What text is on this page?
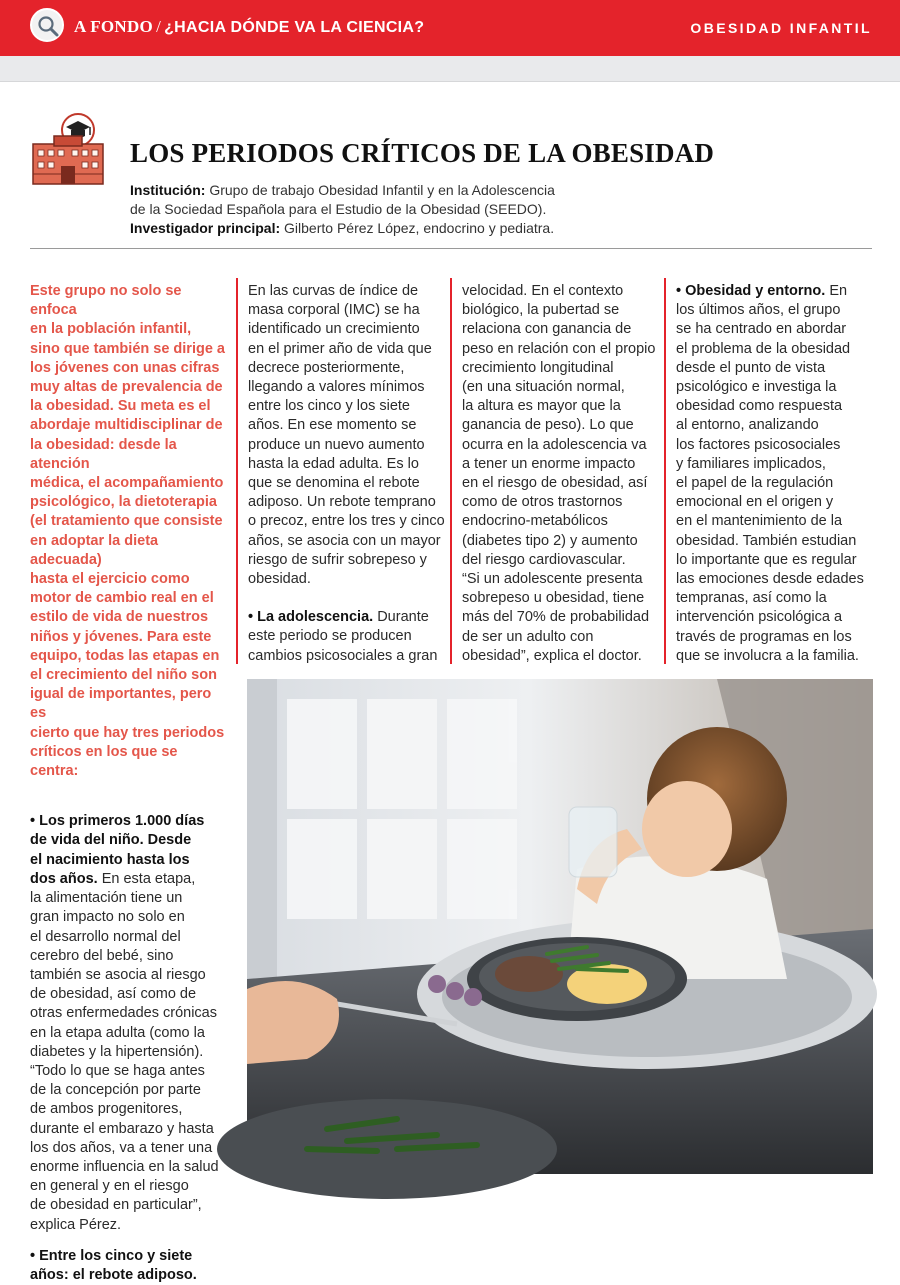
A FONDO / ¿HACIA DÓNDE VA LA CIENCIA?	OBESIDAD INFANTIL
LOS PERIODOS CRÍTICOS DE LA OBESIDAD
Institución: Grupo de trabajo Obesidad Infantil y en la Adolescencia
de la Sociedad Española para el Estudio de la Obesidad (SEEDO).
Investigador principal: Gilberto Pérez López, endocrino y pediatra.
Este grupo no solo se enfoca
en la población infantil,
sino que también se dirige a
los jóvenes con unas cifras
muy altas de prevalencia de
la obesidad. Su meta es el
abordaje multidisciplinar de
la obesidad: desde la atención
médica, el acompañamiento
psicológico, la dietoterapia
(el tratamiento que consiste
en adoptar la dieta adecuada)
hasta el ejercicio como
motor de cambio real en el
estilo de vida de nuestros
niños y jóvenes. Para este
equipo, todas las etapas en
el crecimiento del niño son
igual de importantes, pero es
cierto que hay tres periodos
críticos en los que se centra:
• Los primeros 1.000 días
de vida del niño. Desde
el nacimiento hasta los
dos años. En esta etapa,
la alimentación tiene un
gran impacto no solo en
el desarrollo normal del
cerebro del bebé, sino
también se asocia al riesgo
de obesidad, así como de
otras enfermedades crónicas
en la etapa adulta (como la
diabetes y la hipertensión).
“Todo lo que se haga antes
de la concepción por parte
de ambos progenitores,
durante el embarazo y hasta
los dos años, va a tener una
enorme influencia en la salud
en general y en el riesgo
de obesidad en particular”,
explica Pérez.
• Entre los cinco y siete
años: el rebote adiposo.
En las curvas de índice de
masa corporal (IMC) se ha
identificado un crecimiento
en el primer año de vida que
decrece posteriormente,
llegando a valores mínimos
entre los cinco y los siete
años. En ese momento se
produce un nuevo aumento
hasta la edad adulta. Es lo
que se denomina el rebote
adiposo. Un rebote temprano
o precoz, entre los tres y cinco
años, se asocia con un mayor
riesgo de sufrir sobrepeso y
obesidad.
• La adolescencia. Durante
este periodo se producen
cambios psicosociales a gran
velocidad. En el contexto
biológico, la pubertad se
relaciona con ganancia de
peso en relación con el propio
crecimiento longitudinal
(en una situación normal,
la altura es mayor que la
ganancia de peso). Lo que
ocurra en la adolescencia va
a tener un enorme impacto
en el riesgo de obesidad, así
como de otros trastornos
endocrino-metabólicos
(diabetes tipo 2) y aumento
del riesgo cardiovascular.
“Si un adolescente presenta
sobrepeso u obesidad, tiene
más del 70% de probabilidad
de ser un adulto con
obesidad”, explica el doctor.
• Obesidad y entorno. En
los últimos años, el grupo
se ha centrado en abordar
el problema de la obesidad
desde el punto de vista
psicológico e investiga la
obesidad como respuesta
al entorno, analizando
los factores psicosociales
y familiares implicados,
el papel de la regulación
emocional en el origen y
en el mantenimiento de la
obesidad. También estudian
lo importante que es regular
las emociones desde edades
tempranas, así como la
intervención psicológica a
través de programas en los
que se involucra a la familia.
